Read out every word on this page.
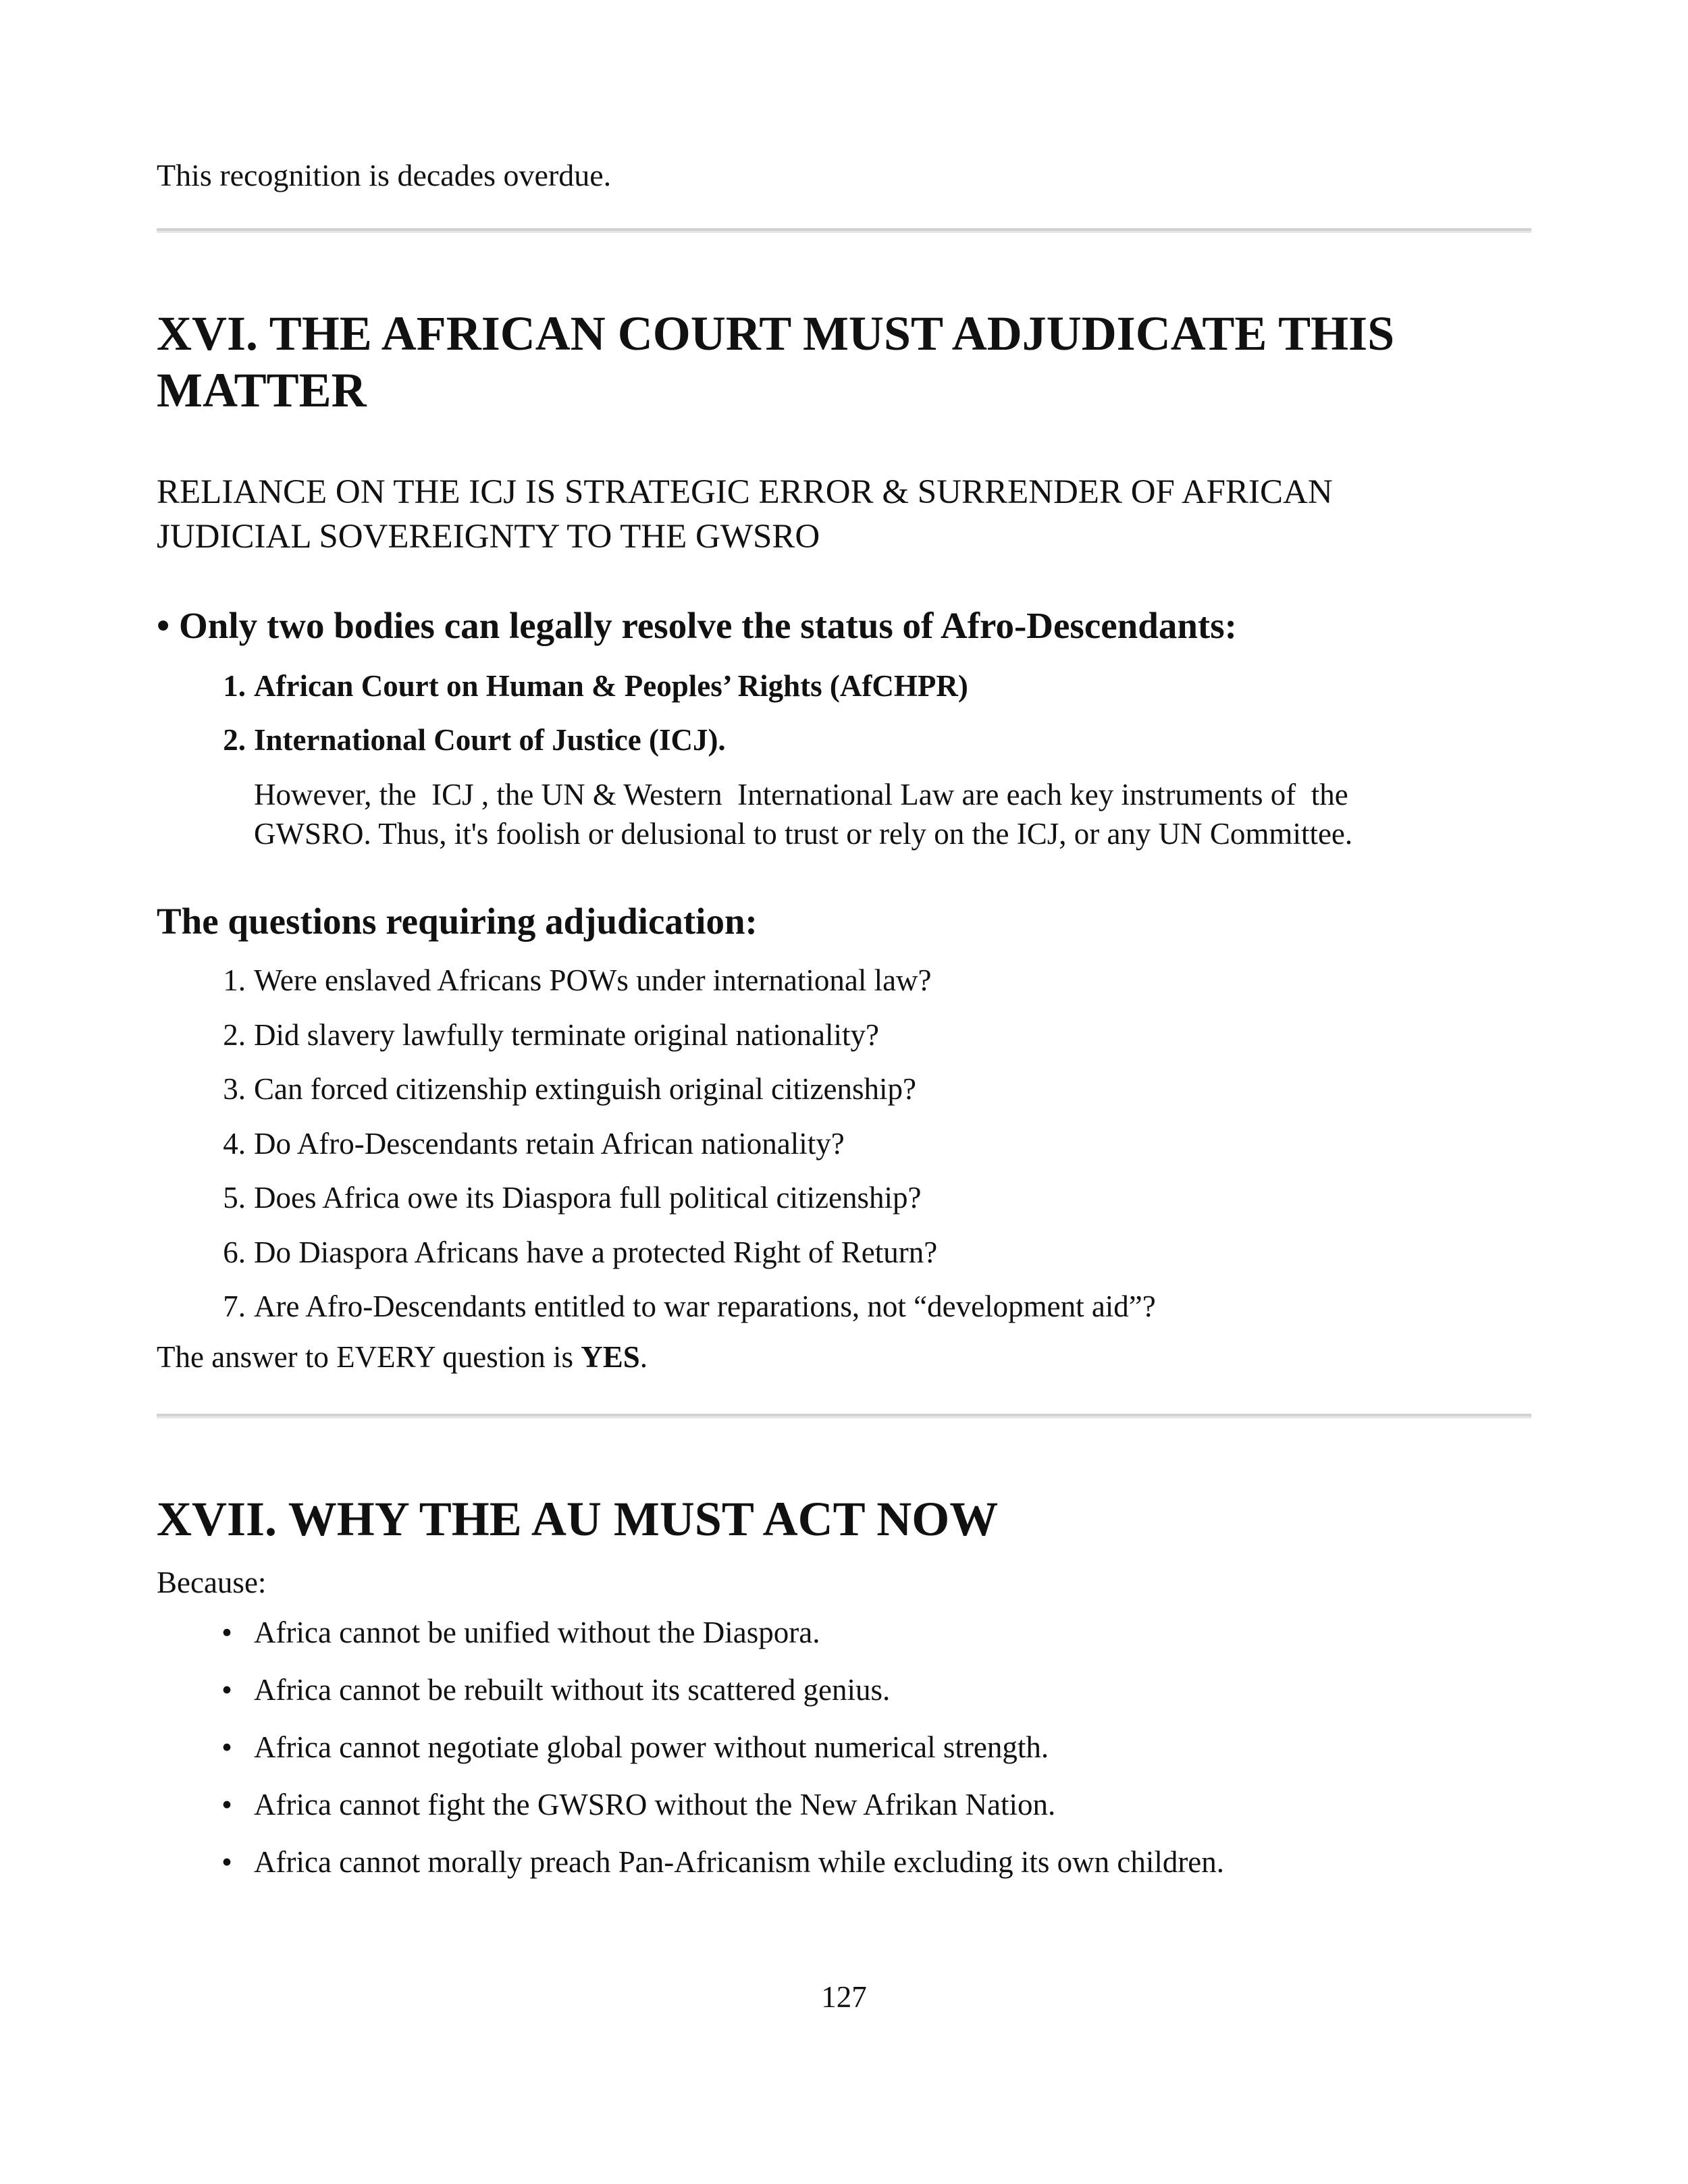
This recognition is decades overdue.
XVI. THE AFRICAN COURT MUST ADJUDICATE THIS
MATTER
RELIANCE ON THE ICJ IS STRATEGIC ERROR & SURRENDER OF AFRICAN
JUDICIAL SOVEREIGNTY TO THE GWSRO
• Only two bodies can legally resolve the status of Afro-Descendants:
1. African Court on Human & Peoples’ Rights (AfCHPR)
2. International Court of Justice (ICJ).
However, the  ICJ , the UN & Western  International Law are each key instruments of  the
GWSRO. Thus, it's foolish or delusional to trust or rely on the ICJ, or any UN Committee.
The questions requiring adjudication:
1. Were enslaved Africans POWs under international law?
2. Did slavery lawfully terminate original nationality?
3. Can forced citizenship extinguish original citizenship?
4. Do Afro-Descendants retain African nationality?
5. Does Africa owe its Diaspora full political citizenship?
6. Do Diaspora Africans have a protected Right of Return?
7. Are Afro-Descendants entitled to war reparations, not “development aid”?
The answer to EVERY question is YES.
XVII. WHY THE AU MUST ACT NOW
Because:
• Africa cannot be unified without the Diaspora.
• Africa cannot be rebuilt without its scattered genius.
• Africa cannot negotiate global power without numerical strength.
• Africa cannot fight the GWSRO without the New Afrikan Nation.
• Africa cannot morally preach Pan-Africanism while excluding its own children.
127
